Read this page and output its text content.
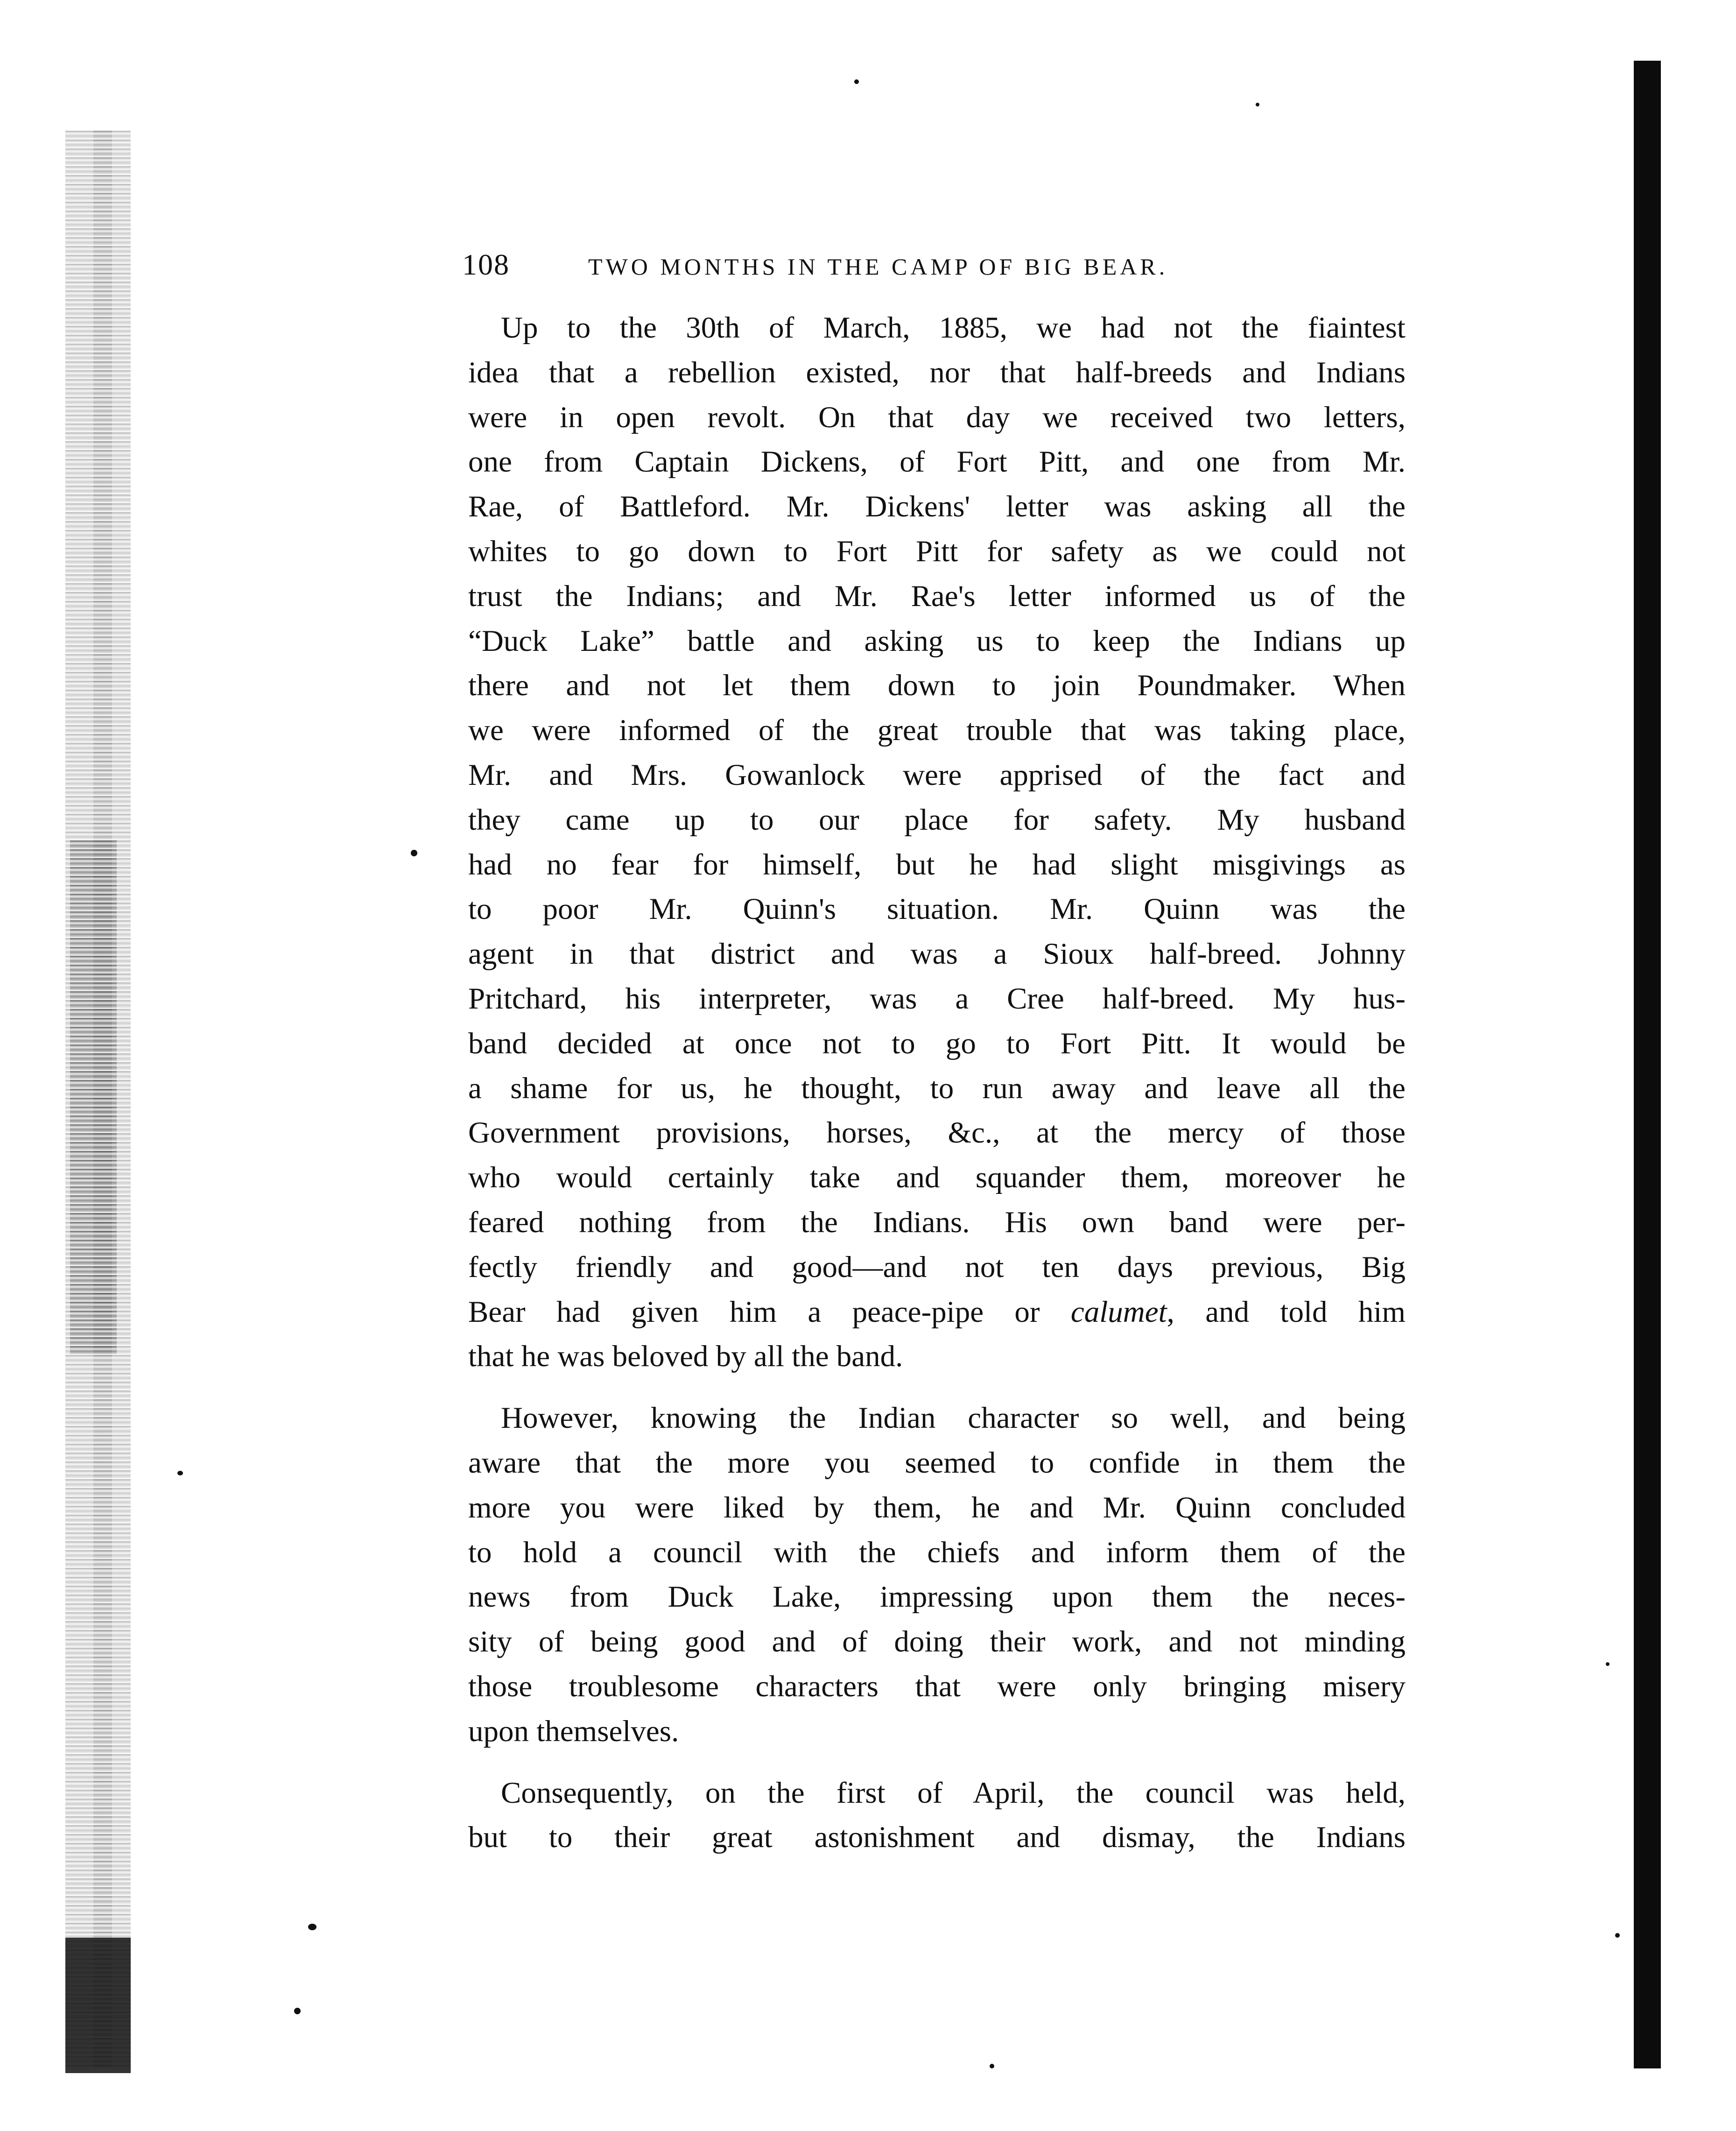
108	TWO MONTHS IN THE CAMP OF BIG BEAR.
Up to the 30th of March, 1885, we had not the fiaintest
idea that a rebellion existed, nor that half-breeds and Indians
were in open revolt. On that day we received two letters,
one from Captain Dickens, of Fort Pitt, and one from Mr.
Rae, of Battleford. Mr. Dickens' letter was asking all the
whites to go down to Fort Pitt for safety as we could not
trust the Indians; and Mr. Rae's letter informed us of the
“Duck Lake” battle and asking us to keep the Indians up
there and not let them down to join Poundmaker. When
we were informed of the great trouble that was taking place,
Mr. and Mrs. Gowanlock were apprised of the fact and
they came up to our place for safety. My husband
had no fear for himself, but he had slight misgivings as
to poor Mr. Quinn's situation. Mr. Quinn was the
agent in that district and was a Sioux half-breed. Johnny
Pritchard, his interpreter, was a Cree half-breed. My hus-
band decided at once not to go to Fort Pitt. It would be
a shame for us, he thought, to run away and leave all the
Government provisions, horses, &c., at the mercy of those
who would certainly take and squander them, moreover he
feared nothing from the Indians. His own band were per-
fectly friendly and good—and not ten days previous, Big
Bear had given him a peace-pipe or calumet, and told him
that he was beloved by all the band.
However, knowing the Indian character so well, and being
aware that the more you seemed to confide in them the
more you were liked by them, he and Mr. Quinn concluded
to hold a council with the chiefs and inform them of the
news from Duck Lake, impressing upon them the neces-
sity of being good and of doing their work, and not minding
those troublesome characters that were only bringing misery
upon themselves.
Consequently, on the first of April, the council was held,
but to their great astonishment and dismay, the Indians
